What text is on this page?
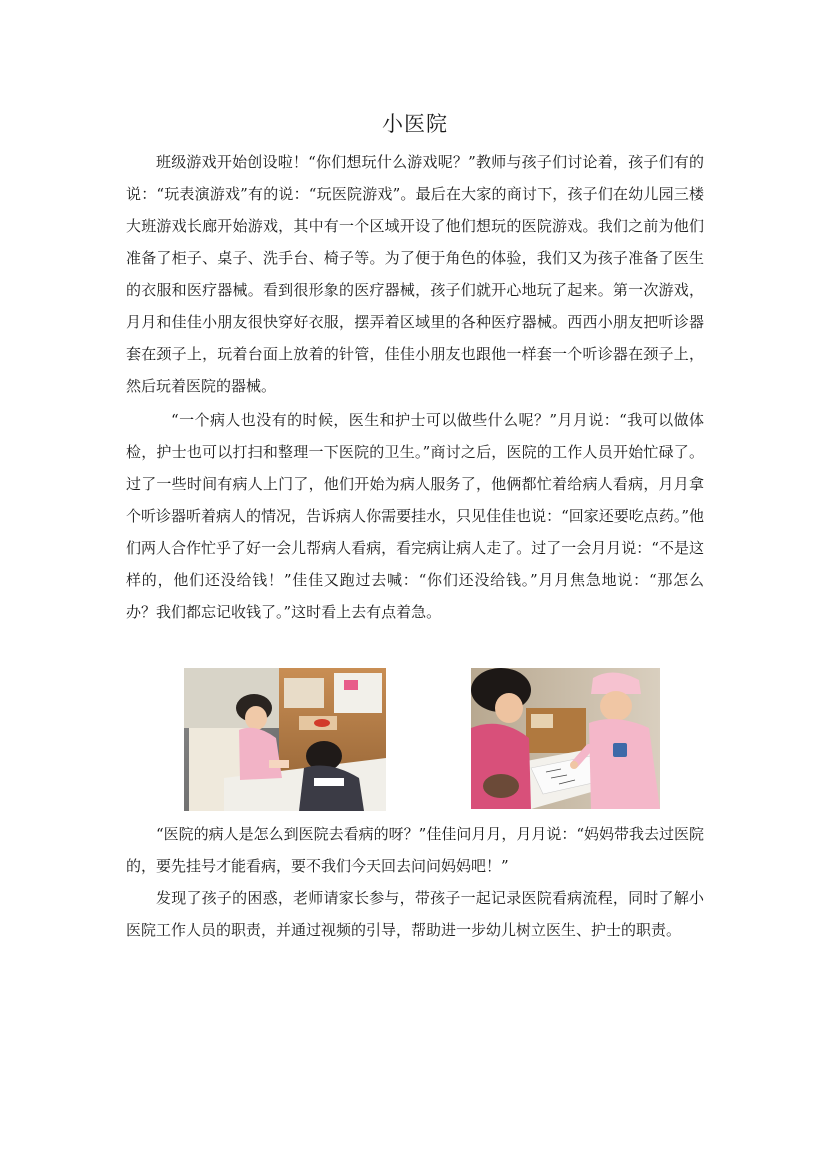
小医院

班级游戏开始创设啦！“你们想玩什么游戏呢？”教师与孩子们讨论着，孩子们有的说：“玩表演游戏”有的说：“玩医院游戏”。最后在大家的商讨下，孩子们在幼儿园三楼大班游戏长廊开始游戏，其中有一个区域开设了他们想玩的医院游戏。我们之前为他们准备了柜子、桌子、洗手台、椅子等。为了便于角色的体验，我们又为孩子准备了医生的衣服和医疗器械。看到很形象的医疗器械，孩子们就开心地玩了起来。第一次游戏，月月和佳佳小朋友很快穿好衣服，摆弄着区域里的各种医疗器械。西西小朋友把听诊器套在颈子上，玩着台面上放着的针管，佳佳小朋友也跟他一样套一个听诊器在颈子上，然后玩着医院的器械。

“一个病人也没有的时候，医生和护士可以做些什么呢？”月月说：“我可以做体检，护士也可以打扫和整理一下医院的卫生。”商讨之后，医院的工作人员开始忙碌了。过了一些时间有病人上门了，他们开始为病人服务了，他俩都忙着给病人看病，月月拿个听诊器听着病人的情况，告诉病人你需要挂水，只见佳佳也说：“回家还要吃点药。”他们两人合作忙乎了好一会儿帮病人看病，看完病让病人走了。过了一会月月说：“不是这样的，他们还没给钱！”佳佳又跑过去喊：“你们还没给钱。”月月焦急地说：“那怎么办？我们都忘记收钱了。”这时看上去有点着急。

“医院的病人是怎么到医院去看病的呀？”佳佳问月月，月月说：“妈妈带我去过医院的，要先挂号才能看病，要不我们今天回去问问妈妈吧！”

发现了孩子的困惑，老师请家长参与，带孩子一起记录医院看病流程，同时了解小医院工作人员的职责，并通过视频的引导，帮助进一步幼儿树立医生、护士的职责。
